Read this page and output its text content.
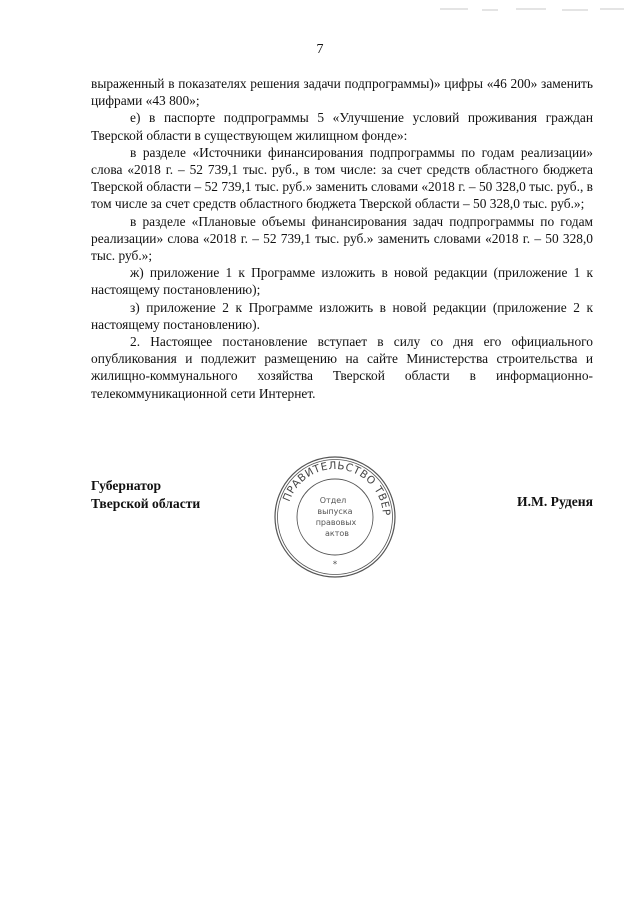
7

выраженный в показателях решения задачи подпрограммы)» цифры «46 200» заменить цифрами «43 800»;

е) в паспорте подпрограммы 5 «Улучшение условий проживания граждан Тверской области в существующем жилищном фонде»:

в разделе «Источники финансирования подпрограммы по годам реализации» слова «2018 г. – 52 739,1 тыс. руб., в том числе: за счет средств областного бюджета Тверской области – 52 739,1 тыс. руб.» заменить словами «2018 г. – 50 328,0 тыс. руб., в том числе за счет средств областного бюджета Тверской области – 50 328,0 тыс. руб.»;

в разделе «Плановые объемы финансирования задач подпрограммы по годам реализации» слова «2018 г. – 52 739,1 тыс. руб.» заменить словами «2018 г. – 50 328,0 тыс. руб.»;

ж) приложение 1 к Программе изложить в новой редакции (приложение 1 к настоящему постановлению);

з) приложение 2 к Программе изложить в новой редакции (приложение 2 к настоящему постановлению).

2. Настоящее постановление вступает в силу со дня его официального опубликования и подлежит размещению на сайте Министерства строительства и жилищно-коммунального хозяйства Тверской области в информационно-телекоммуникационной сети Интернет.

Губернатор
Тверской области	ПРАВИТЕЛЬСТВО ТВЕР
Отдел
выпуска
правовых
актов
*
И.М. Руденя
